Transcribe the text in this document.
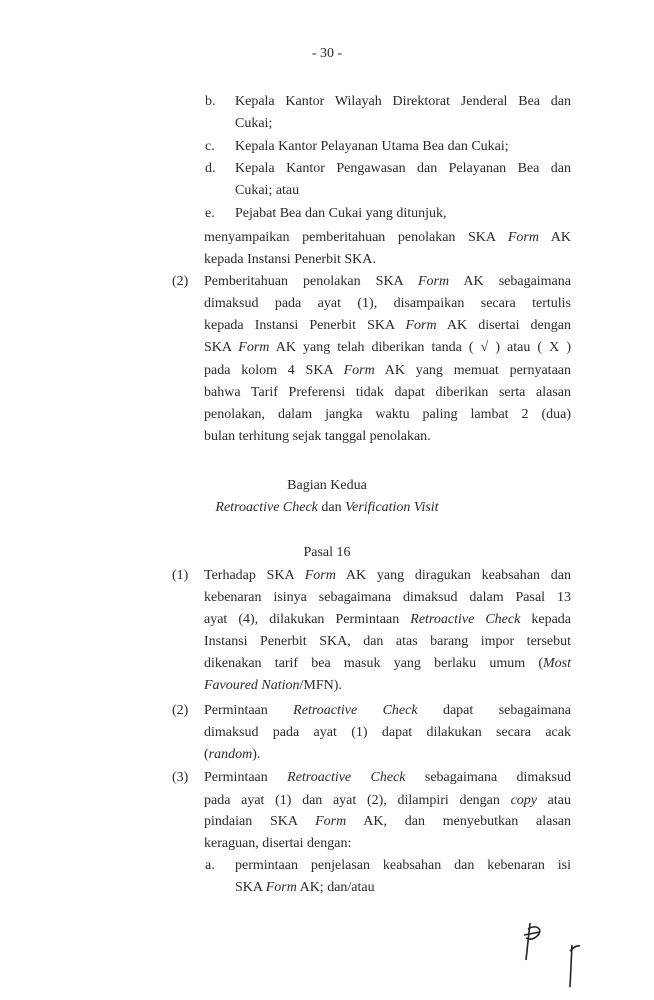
- 30 -
b. Kepala Kantor Wilayah Direktorat Jenderal Bea dan
Cukai;
c. Kepala Kantor Pelayanan Utama Bea dan Cukai;
d. Kepala Kantor Pengawasan dan Pelayanan Bea dan
Cukai; atau
e. Pejabat Bea dan Cukai yang ditunjuk,
menyampaikan pemberitahuan penolakan SKA Form AK
kepada Instansi Penerbit SKA.
(2) Pemberitahuan penolakan SKA Form AK sebagaimana
dimaksud pada ayat (1), disampaikan secara tertulis
kepada Instansi Penerbit SKA Form AK disertai dengan
SKA Form AK yang telah diberikan tanda ( √ ) atau ( X )
pada kolom 4 SKA Form AK yang memuat pernyataan
bahwa Tarif Preferensi tidak dapat diberikan serta alasan
penolakan, dalam jangka waktu paling lambat 2 (dua)
bulan terhitung sejak tanggal penolakan.
Bagian Kedua
Retroactive Check dan Verification Visit
Pasal 16
(1) Terhadap SKA Form AK yang diragukan keabsahan dan
kebenaran isinya sebagaimana dimaksud dalam Pasal 13
ayat (4), dilakukan Permintaan Retroactive Check kepada
Instansi Penerbit SKA, dan atas barang impor tersebut
dikenakan tarif bea masuk yang berlaku umum (Most
Favoured Nation/MFN).
(2) Permintaan Retroactive Check dapat sebagaimana
dimaksud pada ayat (1) dapat dilakukan secara acak
(random).
(3) Permintaan Retroactive Check sebagaimana dimaksud
pada ayat (1) dan ayat (2), dilampiri dengan copy atau
pindaian SKA Form AK, dan menyebutkan alasan
keraguan, disertai dengan:
a. permintaan penjelasan keabsahan dan kebenaran isi
SKA Form AK; dan/atau
